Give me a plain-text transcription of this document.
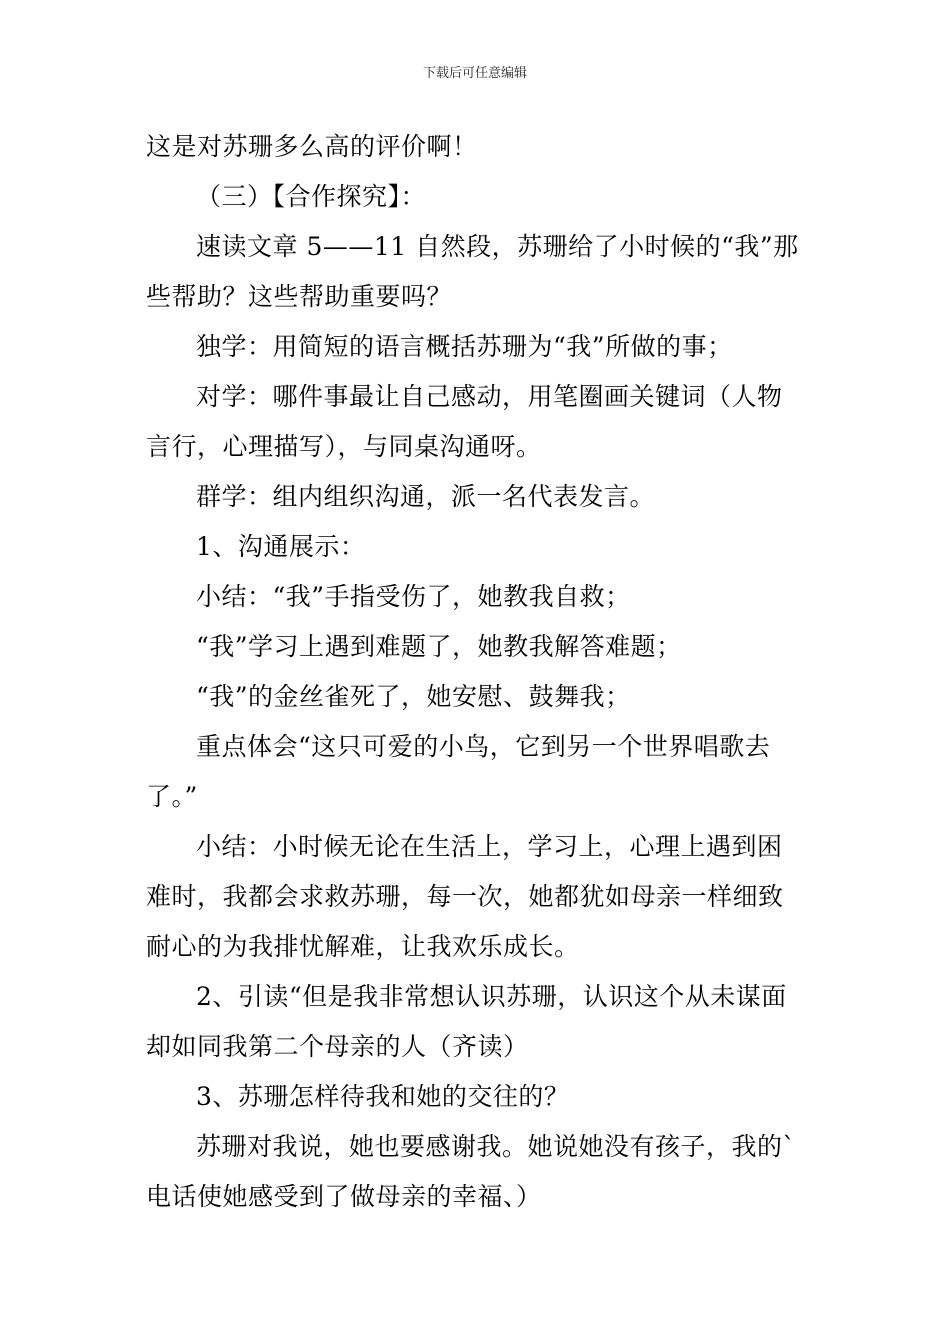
下载后可任意编辑
这是对苏珊多么高的评价啊！
（三）【合作探究】：
速读文章 5——11 自然段，苏珊给了小时候的“我”那
些帮助？这些帮助重要吗？
独学：用简短的语言概括苏珊为“我”所做的事；
对学：哪件事最让自己感动，用笔圈画关键词（人物
言行，心理描写），与同桌沟通呀。
群学：组内组织沟通，派一名代表发言。
1、沟通展示：
小结：“我”手指受伤了，她教我自救；
“我”学习上遇到难题了，她教我解答难题；
“我”的金丝雀死了，她安慰、鼓舞我；
重点体会“这只可爱的小鸟，它到另一个世界唱歌去
了。”
小结：小时候无论在生活上，学习上，心理上遇到困
难时，我都会求救苏珊，每一次，她都犹如母亲一样细致
耐心的为我排忧解难，让我欢乐成长。
2、引读“但是我非常想认识苏珊，认识这个从未谋面
却如同我第二个母亲的人（齐读）
3、苏珊怎样待我和她的交往的？
苏珊对我说，她也要感谢我。她说她没有孩子，我的`
电话使她感受到了做母亲的幸福、）
